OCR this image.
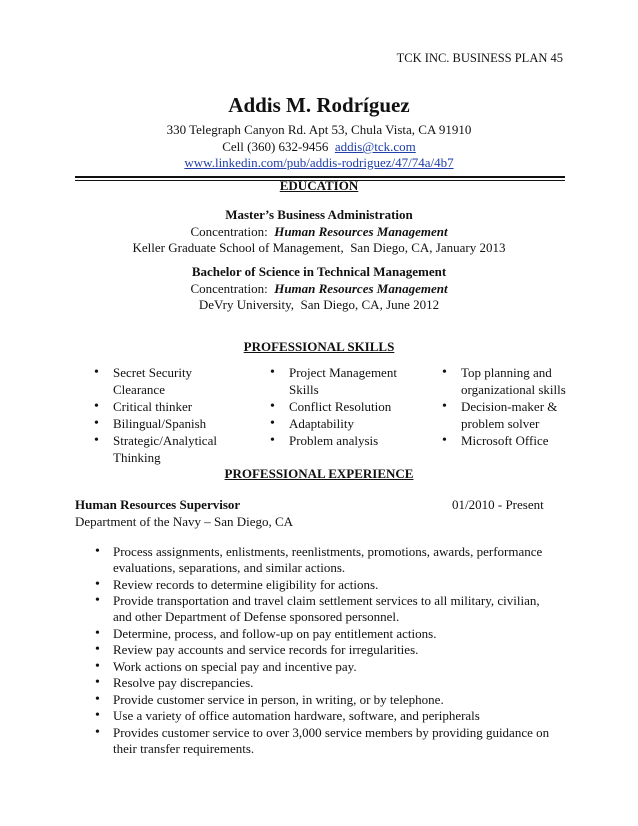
TCK INC. BUSINESS PLAN 45
Addis M. Rodríguez
330 Telegraph Canyon Rd. Apt 53, Chula Vista, CA 91910
Cell (360) 632-9456 addis@tck.com
www.linkedin.com/pub/addis-rodriguez/47/74a/4b7
EDUCATION
Master’s Business Administration
Concentration: Human Resources Management
Keller Graduate School of Management, San Diego, CA, January 2013
Bachelor of Science in Technical Management
Concentration: Human Resources Management
DeVry University, San Diego, CA, June 2012
PROFESSIONAL SKILLS
• Secret Security Clearance
• Critical thinker
• Bilingual/Spanish
• Strategic/Analytical Thinking
• Project Management Skills
• Conflict Resolution
• Adaptability
• Problem analysis
• Top planning and organizational skills
• Decision-maker & problem solver
• Microsoft Office
PROFESSIONAL EXPERIENCE
Human Resources Supervisor	01/2010 - Present
Department of the Navy – San Diego, CA
• Process assignments, enlistments, reenlistments, promotions, awards, performance evaluations, separations, and similar actions.
• Review records to determine eligibility for actions.
• Provide transportation and travel claim settlement services to all military, civilian, and other Department of Defense sponsored personnel.
• Determine, process, and follow-up on pay entitlement actions.
• Review pay accounts and service records for irregularities.
• Work actions on special pay and incentive pay.
• Resolve pay discrepancies.
• Provide customer service in person, in writing, or by telephone.
• Use a variety of office automation hardware, software, and peripherals
• Provides customer service to over 3,000 service members by providing guidance on their transfer requirements.
